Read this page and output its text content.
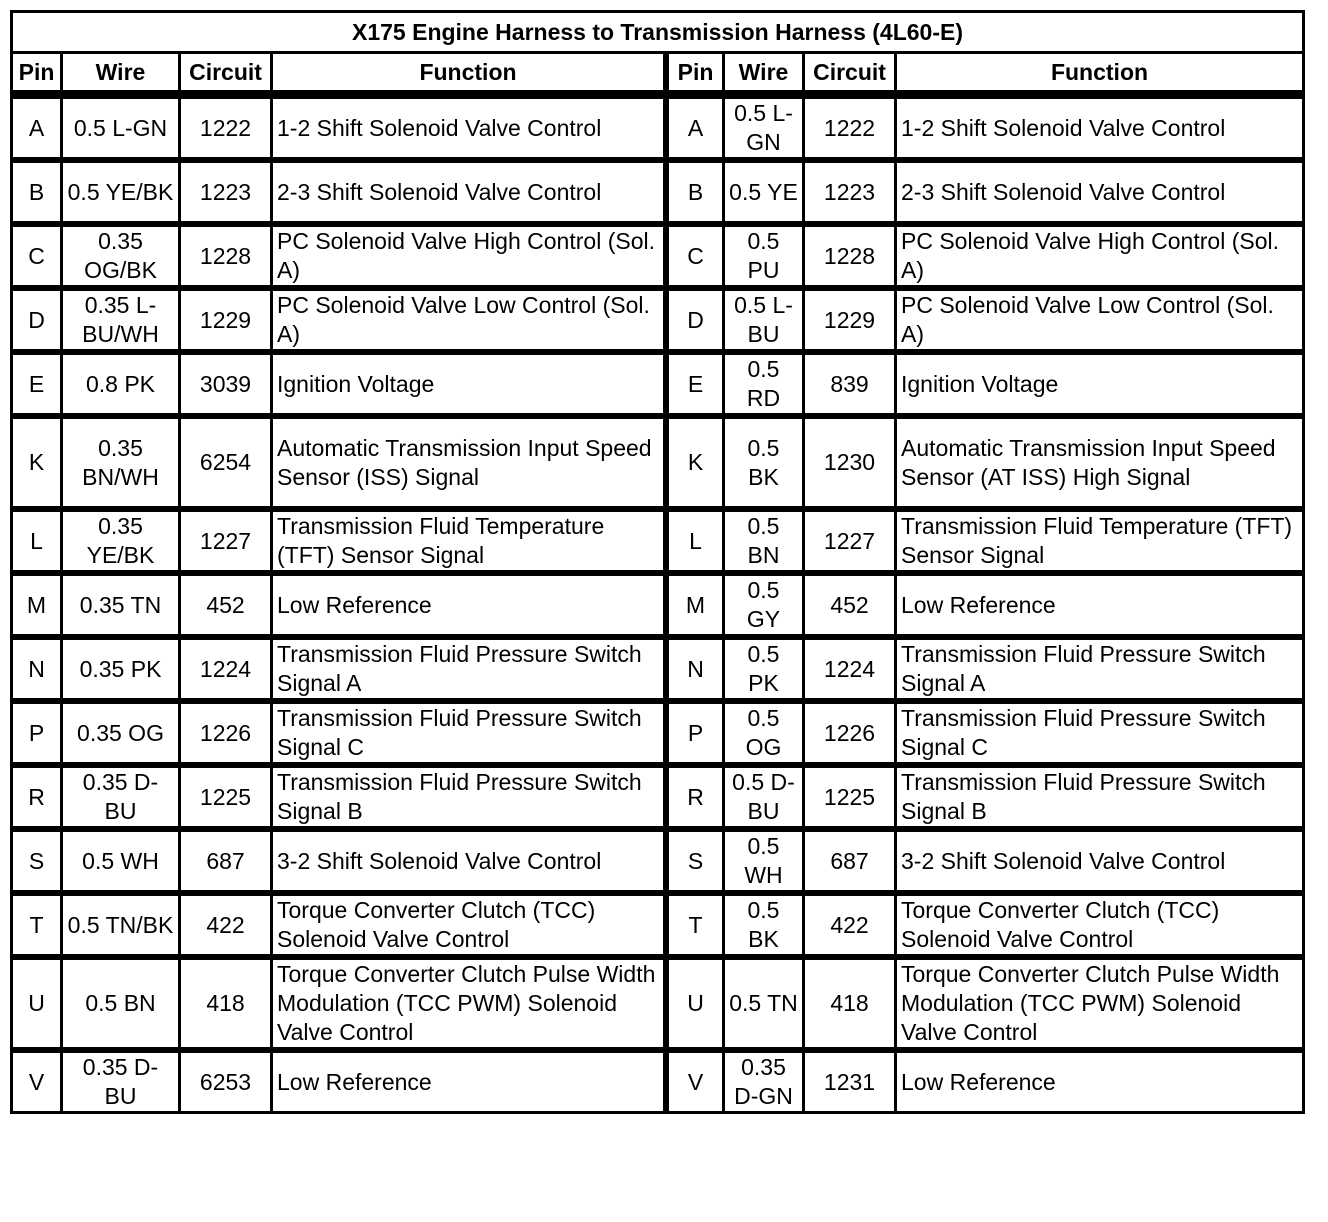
X175 Engine Harness to Transmission Harness (4L60-E)							
Pin	Wire	Circuit	Function	Pin	Wire	Circuit	Function
A	0.5 L-GN	1222	1-2 Shift Solenoid Valve Control	A	0.5 L-GN	1222	1-2 Shift Solenoid Valve Control
B	0.5 YE/BK	1223	2-3 Shift Solenoid Valve Control	B	0.5 YE	1223	2-3 Shift Solenoid Valve Control
C	0.35 OG/BK	1228	PC Solenoid Valve High Control (Sol. A)	C	0.5 PU	1228	PC Solenoid Valve High Control (Sol. A)
D	0.35 L-BU/WH	1229	PC Solenoid Valve Low Control (Sol. A)	D	0.5 L-BU	1229	PC Solenoid Valve Low Control (Sol. A)
E	0.8 PK	3039	Ignition Voltage	E	0.5 RD	839	Ignition Voltage
K	0.35 BN/WH	6254	Automatic Transmission Input Speed Sensor (ISS) Signal	K	0.5 BK	1230	Automatic Transmission Input Speed Sensor (AT ISS) High Signal
L	0.35 YE/BK	1227	Transmission Fluid Temperature (TFT) Sensor Signal	L	0.5 BN	1227	Transmission Fluid Temperature (TFT) Sensor Signal
M	0.35 TN	452	Low Reference	M	0.5 GY	452	Low Reference
N	0.35 PK	1224	Transmission Fluid Pressure Switch Signal A	N	0.5 PK	1224	Transmission Fluid Pressure Switch Signal A
P	0.35 OG	1226	Transmission Fluid Pressure Switch Signal C	P	0.5 OG	1226	Transmission Fluid Pressure Switch Signal C
R	0.35 D-BU	1225	Transmission Fluid Pressure Switch Signal B	R	0.5 D-BU	1225	Transmission Fluid Pressure Switch Signal B
S	0.5 WH	687	3-2 Shift Solenoid Valve Control	S	0.5 WH	687	3-2 Shift Solenoid Valve Control
T	0.5 TN/BK	422	Torque Converter Clutch (TCC) Solenoid Valve Control	T	0.5 BK	422	Torque Converter Clutch (TCC) Solenoid Valve Control
U	0.5 BN	418	Torque Converter Clutch Pulse Width Modulation (TCC PWM) Solenoid Valve Control	U	0.5 TN	418	Torque Converter Clutch Pulse Width Modulation (TCC PWM) Solenoid Valve Control
V	0.35 D-BU	6253	Low Reference	V	0.35 D-GN	1231	Low Reference
